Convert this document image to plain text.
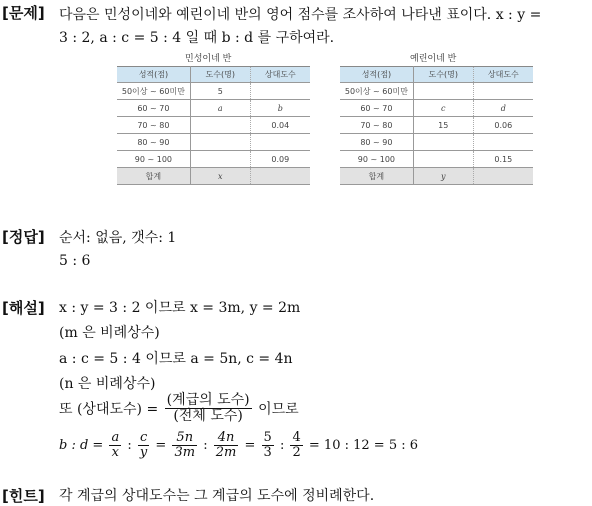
[문제] 다음은 민성이네와 예린이네 반의 영어 점수를 조사하여 나타낸 표이다. x : y =
3 : 2, a : c = 5 : 4 일 때 b : d 를 구하여라.
민성이네 반
성적(점)	도수(명)	상대도수
50이상 ~ 60미만	5	
60 ~ 70	a	b
70 ~ 80		0.04
80 ~ 90		
90 ~ 100		0.09
합계	x	
예린이네 반
성적(점)	도수(명)	상대도수
50이상 ~ 60미만		
60 ~ 70	c	d
70 ~ 80	15	0.06
80 ~ 90		
90 ~ 100		0.15
합계	y	
[정답] 순서: 없음, 갯수: 1
5 : 6
[해설] x : y = 3 : 2 이므로 x = 3m, y = 2m
(m 은 비례상수)
a : c = 5 : 4 이므로 a = 5n, c = 4n
(n 은 비례상수)
또 (상대도수) = $\frac{\text{(계급의 도수)}}{\text{(전체 도수)}}$ 이므로
b : $d = \frac{a}{x}$ : $\frac{c}{y} = \frac{5n}{3m}$ : $\frac{4n}{2m} = \frac{5}{3}$ : $\frac{4}{2} = 10$ : 12 = 5 : 6
[힌트] 각 계급의 상대도수는 그 계급의 도수에 정비례한다.
